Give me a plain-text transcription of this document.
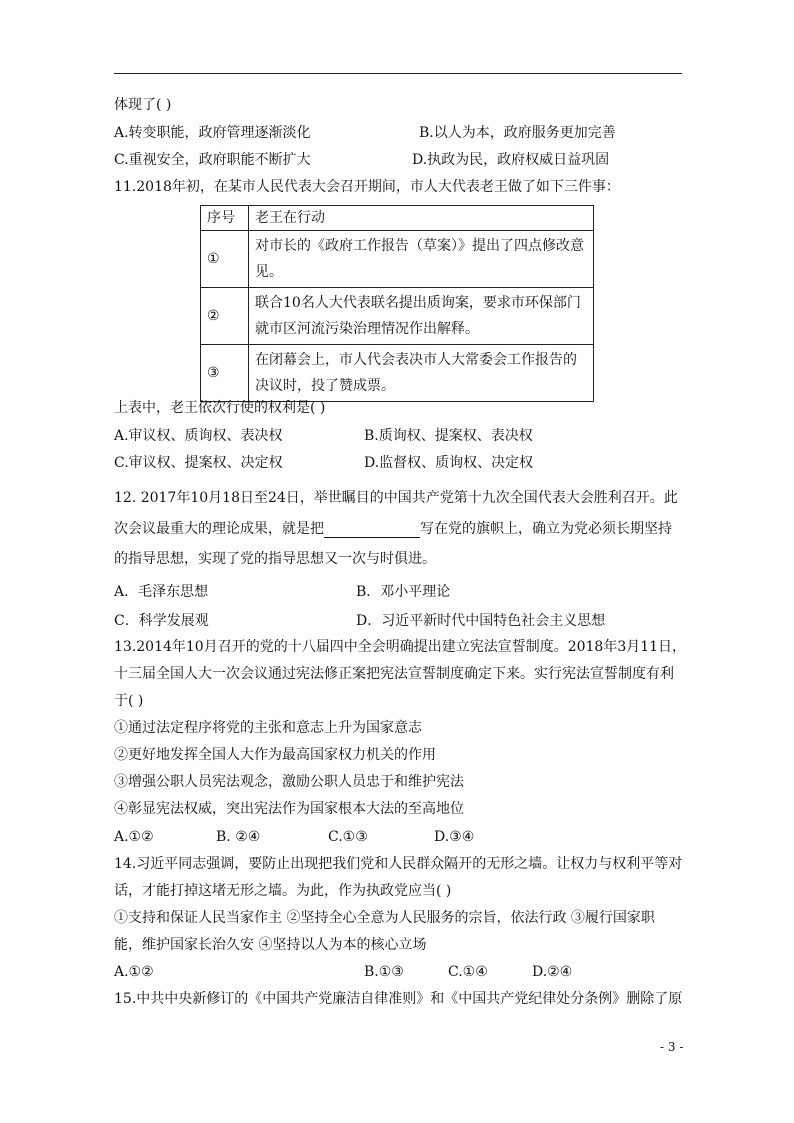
体现了( )
A.转变职能，政府管理逐渐淡化	B.以人为本，政府服务更加完善
C.重视安全，政府职能不断扩大	D.执政为民，政府权威日益巩固
11.2018年初，在某市人民代表大会召开期间，市人大代表老王做了如下三件事：
序号	老王在行动
①	对市长的《政府工作报告（草案）》提出了四点修改意见。
②	联合10名人大代表联名提出质询案，要求市环保部门就市区河流污染治理情况作出解释。
③	在闭幕会上，市人代会表决市人大常委会工作报告的决议时，投了赞成票。
上表中，老王依次行使的权利是( )
A.审议权、质询权、表决权	B.质询权、提案权、表决权
C.审议权、提案权、决定权	D.监督权、质询权、决定权
12. 2017年10月18日至24日，举世瞩目的中国共产党第十九次全国代表大会胜利召开。此
次会议最重大的理论成果，就是把	写在党的旗帜上，确立为党必须长期坚持
的指导思想，实现了党的指导思想又一次与时俱进。
A．毛泽东思想	B．邓小平理论
C．科学发展观	D．习近平新时代中国特色社会主义思想
13.2014年10月召开的党的十八届四中全会明确提出建立宪法宣誓制度。2018年3月11日，
十三届全国人大一次会议通过宪法修正案把宪法宣誓制度确定下来。实行宪法宣誓制度有利
于( )
①通过法定程序将党的主张和意志上升为国家意志
②更好地发挥全国人大作为最高国家权力机关的作用
③增强公职人员宪法观念，激励公职人员忠于和维护宪法
④彰显宪法权威，突出宪法作为国家根本大法的至高地位
A.①②	B. ②④	C.①③	D.③④
14.习近平同志强调，要防止出现把我们党和人民群众隔开的无形之墙。让权力与权利平等对
话，才能打掉这堵无形之墙。为此，作为执政党应当( )
①支持和保证人民当家作主 ②坚持全心全意为人民服务的宗旨，依法行政 ③履行国家职
能，维护国家长治久安 ④坚持以人为本的核心立场
A.①②	B.①③	C.①④	D.②④
15.中共中央新修订的《中国共产党廉洁自律准则》和《中国共产党纪律处分条例》删除了原
- 3 -
